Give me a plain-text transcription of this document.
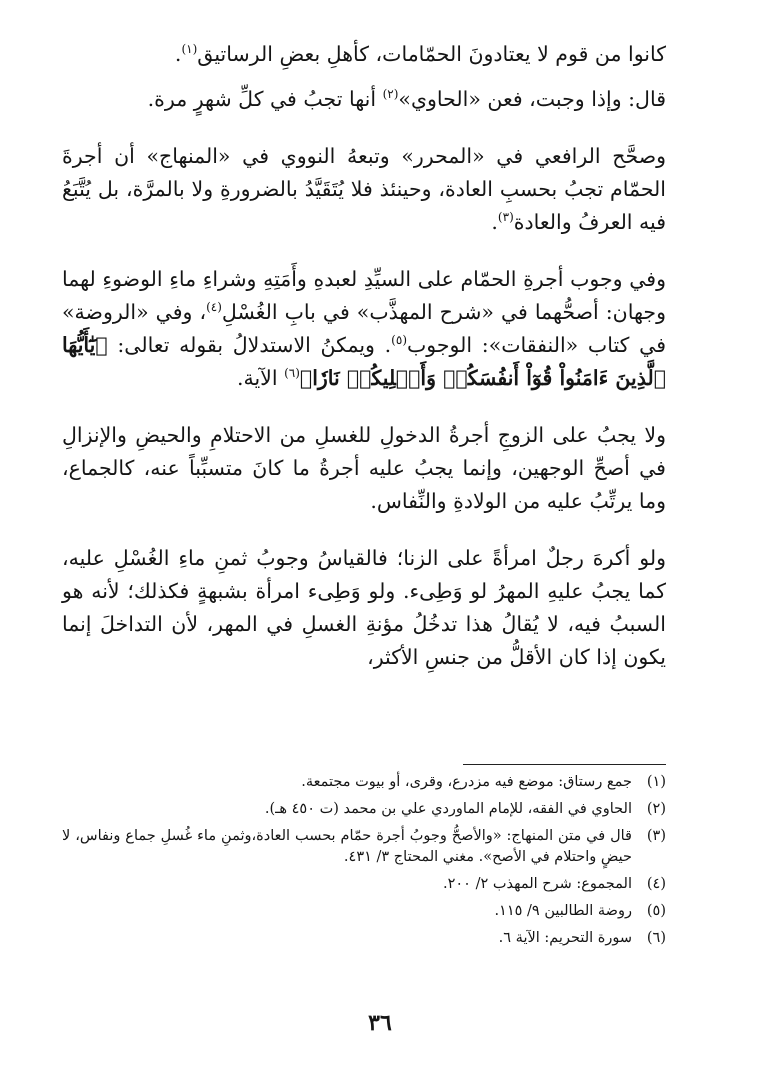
كانوا من قوم لا يعتادونَ الحمّامات، كأهلِ بعضِ الرساتيق$^{(١)}$.

قال: وإذا وجبت، فعن «الحاوي»$^{(٢)}$ أنها تجبُ في كلِّ شهرٍ مرة.

وصحَّح الرافعي في «المحرر» وتبعهُ النووي في «المنهاج» أن أجرةَ الحمّام تجبُ بحسبِ العادة، وحينئذ فلا يُتَقَيَّدُ بالضرورةِ ولا بالمرَّة، بل يُتَّبَعُ فيه العرفُ والعادة$^{(٣)}$.

وفي وجوب أجرةِ الحمّام على السيِّدِ لعبدهِ وأَمَتِهِ وشراءِ ماءِ الوضوءِ لهما وجهان: أصحُّهما في «شرح المهذَّب» في بابِ الغُسْلِ$^{(٤)}$، وفي «الروضة» في كتاب «النفقات»: الوجوب$^{(٥)}$. ويمكنُ الاستدلالُ بقوله تعالى: ﴿يَٰٓأَيُّهَا ٱلَّذِينَ ءَامَنُواْ قُوٓاْ أَنفُسَكُمۡ وَأَهۡلِيكُمۡ نَارٗا﴾$^{(٦)}$ الآية.

ولا يجبُ على الزوجِ أجرةُ الدخولِ للغسلِ من الاحتلامِ والحيضِ والإنزالِ في أصحِّ الوجهين، وإنما يجبُ عليه أجرةُ ما كانَ متسبِّباً عنه، كالجماع، وما يرتِّبُ عليه من الولادةِ والنِّفاس.

ولو أكرهَ رجلٌ امرأةً على الزنا؛ فالقياسُ وجوبُ ثمنِ ماءِ الغُسْلِ عليه، كما يجبُ عليهِ المهرُ لو وَطِىء. ولو وَطِىء امرأة بشبهةٍ فكذلك؛ لأنه هو السببُ فيه، لا يُقالُ هذا تدخُلُ مؤنةِ الغسلِ في المهر، لأن التداخلَ إنما يكون إذا كان الأقلُّ من جنسِ الأكثر،

(١)
جمع رستاق: موضع فيه مزدرع، وقرى، أو بيوت مجتمعة.
(٢)
الحاوي في الفقه، للإمام الماوردي علي بن محمد (ت ٤٥٠ هـ).
(٣)
قال في متن المنهاج: «والأصحُّ وجوبُ أجرة حمّام بحسب العادة،وثمنِ ماء غُسلِ جماع ونفاس، لا حيضٍ واحتلام في الأصح». مغني المحتاج ٣/ ٤٣١.
(٤)
المجموع: شرح المهذب ٢/ ٢٠٠.
(٥)
روضة الطالبين ٩/ ١١٥.
(٦)
سورة التحريم: الآية ٦.
٣٦
